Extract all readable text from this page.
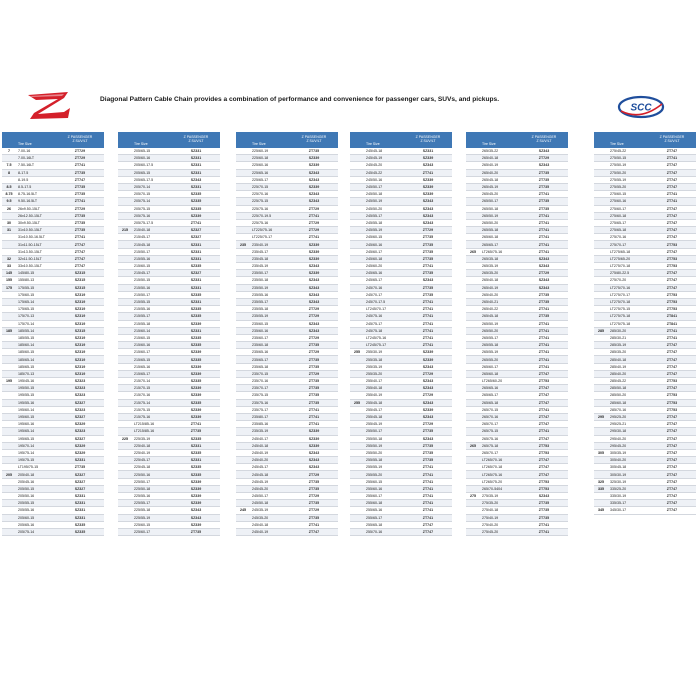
Diagonal Pattern Cable Chain provides a combination of performance and convenience for passenger cars, SUVs, and pickups.
SCC
Tire Size
Z PASSENGER
Z SUV/LT
7	7.00-16	ZT729
7.00-16LT	ZT729
7.5	7.50-16LT	ZT741
8	8-17.5	ZT735
8-19.5	ZT747
8.5	8.5-17.5	ZT735
8.75	8.75-16.5LT	ZT735
9.5	9.50-16.5LT	ZT741
26	26x9.50-15LT	ZT729
26x12.50-15LT	ZT735
30	30x9.50-15LT	ZT735
31	31x10.50-15LT	ZT735
31x10.50-16.5LT	ZT741
31x11.50-15LT	ZT747
31x13.50-15LT	ZT747
32	32x11.50-15LT	ZT747
33	33x10.50-15LT	ZT747
145	145/80-15	SZ315
155	155/80-13	SZ315
175	175/55-15	SZ315
175/60-15	SZ319
175/65-14	SZ319
175/65-15	SZ319
175/70-13	SZ319
175/70-14	SZ319
185	185/55-14	SZ315
185/55-15	SZ319
185/60-14	SZ319
185/60-15	SZ319
185/65-14	SZ319
185/65-15	SZ319
185/70-13	SZ319
195	195/45-16	SZ323
195/50-15	SZ323
195/55-15	SZ323
195/55-16	SZ327
195/60-14	SZ323
195/60-15	SZ327
195/60-16	SZ329
195/65-14	SZ323
195/65-15	SZ327
195/70-14	SZ329
195/75-14	SZ329
195/75-15	SZ331
LT195/75-15	ZT735
205	205/40-18	SZ327
205/45-16	SZ327
205/50-15	SZ327
205/50-16	SZ331
205/55-15	SZ331
205/55-16	SZ331
205/60-15	SZ331
205/65-16	SZ335
205/75-14	SZ335
Tire Size
Z PASSENGER
Z SUV/LT
205/65-15	SZ331
205/60-16	SZ331
205/60-17.5	SZ331
205/65-15	SZ331
205/65-17.5	SZ343
205/70-14	SZ331
205/70-15	SZ335
205/75-14	SZ335
205/75-15	SZ335
205/75-16	SZ339
205/75-17.5	ZT741
215	215/40-18	SZ327
215/45-17	SZ327
215/45-18	SZ331
215/50-17	SZ331
215/55-16	SZ331
215/60-15	SZ335
215/45-17	SZ327
215/50-15	SZ331
215/50-16	SZ331
215/50-17	SZ335
215/55-15	SZ331
215/55-16	SZ335
215/55-17	SZ335
215/55-18	SZ339
215/60-14	SZ331
215/60-15	SZ335
215/60-16	SZ335
215/60-17	SZ339
215/65-15	SZ335
215/65-16	SZ339
215/65-17	SZ339
215/70-14	SZ335
215/70-15	SZ339
215/70-16	SZ339
215/75-14	SZ335
215/75-15	SZ339
215/75-16	SZ339
LT215/85-16	ZT741
LT215/85-16	ZT735
225	225/35-19	SZ335
225/40-18	SZ331
225/40-19	SZ335
225/45-17	SZ331
225/45-18	SZ335
225/50-16	SZ335
225/50-17	SZ339
225/50-18	SZ339
225/55-16	SZ339
225/55-17	SZ339
225/55-18	SZ343
225/55-19	SZ343
225/60-15	SZ339
225/60-17	ZT735
Tire Size
Z PASSENGER
Z SUV/LT
225/60-19	ZT735
225/60-18	SZ339
225/60-16	SZ339
225/65-16	SZ343
225/65-17	SZ343
225/70-15	SZ339
225/70-16	SZ343
225/75-15	SZ343
225/75-16	ZT729
225/70-19.5	ZT741
225/75-16	ZT729
LT225/75-16	ZT729
LT225/75-17	ZT741
235	235/40-19	SZ339
235/45-17	SZ339
235/45-18	SZ339
235/45-19	SZ343
235/50-17	SZ339
235/50-18	SZ343
235/50-19	SZ343
235/55-16	SZ343
235/55-17	SZ343
235/55-18	ZT729
235/55-19	ZT729
235/60-15	SZ343
235/60-16	SZ343
235/60-17	ZT729
235/60-18	ZT735
235/65-16	ZT729
235/65-17	ZT735
235/65-18	ZT735
235/70-15	ZT729
235/70-16	ZT735
235/70-17	ZT735
235/75-15	ZT735
235/75-16	ZT735
235/75-17	ZT741
235/80-17	ZT741
235/85-16	ZT741
235/35-19	SZ339
245/40-17	SZ339
245/40-18	SZ339
245/40-19	SZ343
245/40-20	SZ343
245/45-17	SZ343
245/45-18	ZT729
245/45-19	ZT735
245/45-20	ZT735
245/50-17	ZT729
245/50-18	ZT735
245	245/35-19	ZT729
245/35-20	ZT735
245/40-18	ZT741
245/40-19	ZT747
Tire Size
Z PASSENGER
Z SUV/LT
245/45-18	SZ331
245/45-19	SZ339
245/45-20	SZ343
245/45-22	ZT741
245/50-16	SZ339
245/50-17	SZ339
245/50-18	SZ339
245/50-19	SZ343
245/50-20	SZ343
245/55-17	SZ343
245/55-18	SZ343
245/55-19	ZT729
245/60-15	ZT735
245/60-16	ZT735
245/60-17	ZT735
245/60-18	ZT735
245/60-20	ZT741
245/65-16	ZT735
245/65-17	SZ343
245/70-16	ZT735
245/70-17	ZT735
245/70-17.5	ZT741
LT245/70-17	ZT741
245/75-16	ZT741
245/75-17	ZT741
245/75-18	ZT741
LT245/75-16	ZT741
LT245/75-17	ZT741
255	255/30-19	SZ339
255/35-18	SZ339
255/35-19	SZ343
255/35-20	ZT729
255/40-17	SZ343
255/40-18	SZ343
255/40-19	ZT729
255	255/45-18	SZ343
255/45-17	SZ339
255/45-18	SZ343
255/45-19	ZT729
255/50-17	ZT735
255/50-18	SZ343
255/50-19	ZT735
255/50-20	ZT735
255/55-18	ZT735
255/55-19	ZT741
255/55-20	ZT741
255/60-15	ZT741
255/60-16	ZT741
255/60-17	ZT741
255/60-18	ZT741
255/65-16	ZT741
255/65-17	ZT741
255/65-18	ZT747
255/70-16	ZT747
Tire Size
Z PASSENGER
Z SUV/LT
265/35-22	SZ343
265/40-18	ZT729
265/40-19	SZ343
265/40-20	ZT735
265/45-18	ZT735
265/45-19	ZT735
265/45-20	ZT741
265/50-17	ZT735
265/50-18	ZT735
265/50-19	ZT741
265/50-20	ZT741
265/55-18	ZT741
265/60-18	ZT741
265/65-17	ZT741
265	LT265/75-16	ZT741
265/35-18	SZ343
265/35-19	SZ343
265/35-20	ZT729
265/40-18	SZ343
265/40-19	SZ343
265/40-20	ZT735
265/40-21	ZT735
265/40-22	ZT741
265/45-18	ZT735
265/50-19	ZT741
265/50-20	ZT741
265/55-17	ZT741
265/55-18	ZT741
265/55-19	ZT741
265/55-20	ZT741
265/60-17	ZT741
265/60-18	ZT747
LT265/60-20	ZT753
265/65-16	ZT747
265/65-17	ZT747
265/65-18	ZT747
265/70-15	ZT741
265/70-16	ZT747
265/70-17	ZT747
265/75-15	ZT741
265/75-16	ZT747
265	265/75-18	ZT753
265/70-17	ZT753
LT265/70-16	ZT747
LT265/70-18	ZT747
LT265/75-16	ZT747
LT265/75-20	ZT753
265/70-5404	ZT753
275	275/35-19	SZ343
275/35-20	ZT735
275/40-18	ZT735
275/40-19	ZT735
275/40-20	ZT741
275/45-20	ZT741
Tire Size
Z PASSENGER
Z SUV/LT
275/45-22	ZT747
275/50-15	ZT741
275/50-19	ZT747
275/50-20	ZT747
275/55-19	ZT747
275/55-20	ZT747
275/60-15	ZT741
275/60-16	ZT741
275/60-17	ZT747
275/60-18	ZT747
275/65-17	ZT747
275/65-18	ZT747
275/70-16	ZT747
275/70-17	ZT753
LT275/65-18	ZT747
LT275/65-20	ZT753
LT275/70-18	ZT753
275/80-22.5	ZT747
275/70-20	ZT747
LT275/70-16	ZT747
LT275/70-17	ZT753
LT275/70-18	ZT753
LT275/75-15	ZT753
LT275/75-18	ZT841
LT275/75-18	ZT841
285	285/30-20	ZT741
285/30-21	ZT741
285/35-19	ZT747
285/35-20	ZT747
285/40-18	ZT747
285/40-19	ZT747
285/40-20	ZT747
285/45-22	ZT753
285/50-18	ZT747
285/50-20	ZT753
285/60-18	ZT753
285/70-16	ZT753
295	295/25-20	ZT747
295/25-21	ZT747
295/30-18	ZT747
295/40-20	ZT747
295/45-20	ZT747
305	305/35-19	ZT747
305/40-20	ZT747
305/45-18	ZT747
305/30-19	ZT747
325	325/30-19	ZT747
335	335/25-20	ZT747
335/30-19	ZT747
335/35-17	ZT747
345	345/30-17	ZT747
